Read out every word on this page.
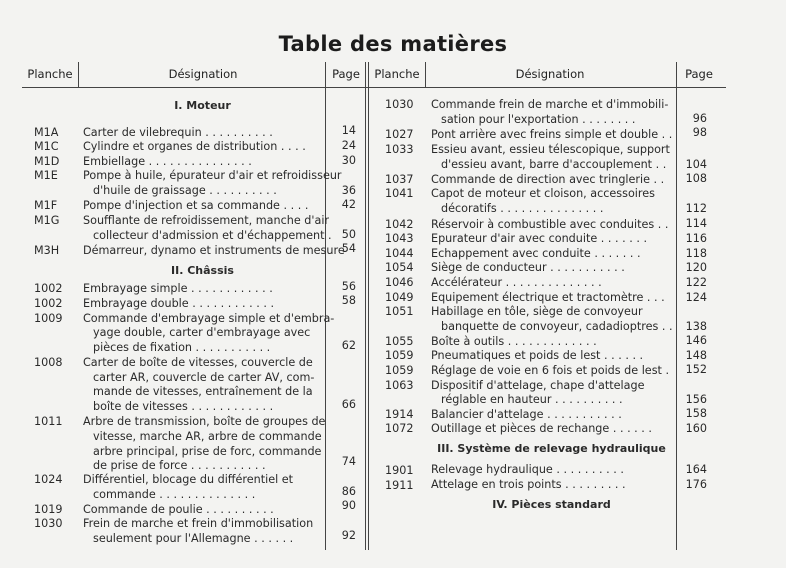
Table des matières
Planche	Désignation	Page	Planche	Désignation	Page
I. Moteur
M1A Carter de vilebrequin . . . . . . . . . .	14
M1C Cylindre et organes de distribution . . . .	24
M1D Embiellage . . . . . . . . . . . . . . .	30
M1E Pompe à huile, épurateur d'air et refroidisseur
d'huile de graissage . . . . . . . . . .	36
M1F Pompe d'injection et sa commande . . . .	42
M1G Soufflante de refroidissement, manche d'air
collecteur d'admission et d'échappement . 50
M3H Démarreur, dynamo et instruments de mesure
54
II. Châssis
1002 Embrayage simple . . . . . . . . . . . .	56
1002 Embrayage double . . . . . . . . . . . .	58
1009 Commande d'embrayage simple et d'embra-
yage double, carter d'embrayage avec
pièces de fixation . . . . . . . . . . .	62
1008 Carter de boîte de vitesses, couvercle de
carter AR, couvercle de carter AV, com-
mande de vitesses, entraînement de la
boîte de vitesses . . . . . . . . . . . .	66
1011 Arbre de transmission, boîte de groupes de
vitesse, marche AR, arbre de commande
arbre principal, prise de forc, commande
de prise de force . . . . . . . . . . .	74
1024 Différentiel, blocage du différentiel et
commande . . . . . . . . . . . . . .	86
1019 Commande de poulie . . . . . . . . . .	90
1030 Frein de marche et frein d'immobilisation
seulement pour l'Allemagne . . . . . .	92
1030 Commande frein de marche et d'immobili-
sation pour l'exportation . . . . . . . .	96
1027 Pont arrière avec freins simple et double . .	98
1033 Essieu avant, essieu télescopique, support
d'essieu avant, barre d'accouplement . .	104
1037 Commande de direction avec tringlerie . .	108
1041 Capot de moteur et cloison, accessoires
décoratifs . . . . . . . . . . . . . . .	112
1042 Réservoir à combustible avec conduites . .	114
1043 Epurateur d'air avec conduite . . . . . . .	116
1044 Echappement avec conduite . . . . . . .	118
1054 Siège de conducteur . . . . . . . . . . .	120
1046 Accélérateur . . . . . . . . . . . . . .	122
1049 Equipement électrique et tractomètre . . .	124
1051 Habillage en tôle, siège de convoyeur
banquette de convoyeur, cadadioptres . .	138
1055 Boîte à outils . . . . . . . . . . . . .	146
1059 Pneumatiques et poids de lest . . . . . .	148
1059 Réglage de voie en 6 fois et poids de lest .	152
1063 Dispositif d'attelage, chape d'attelage
réglable en hauteur . . . . . . . . . .	156
1914 Balancier d'attelage . . . . . . . . . . .	158
1072 Outillage et pièces de rechange . . . . . .	160
III. Système de relevage hydraulique
1901 Relevage hydraulique . . . . . . . . . .	164
1911 Attelage en trois points . . . . . . . . .	176
IV. Pièces standard
